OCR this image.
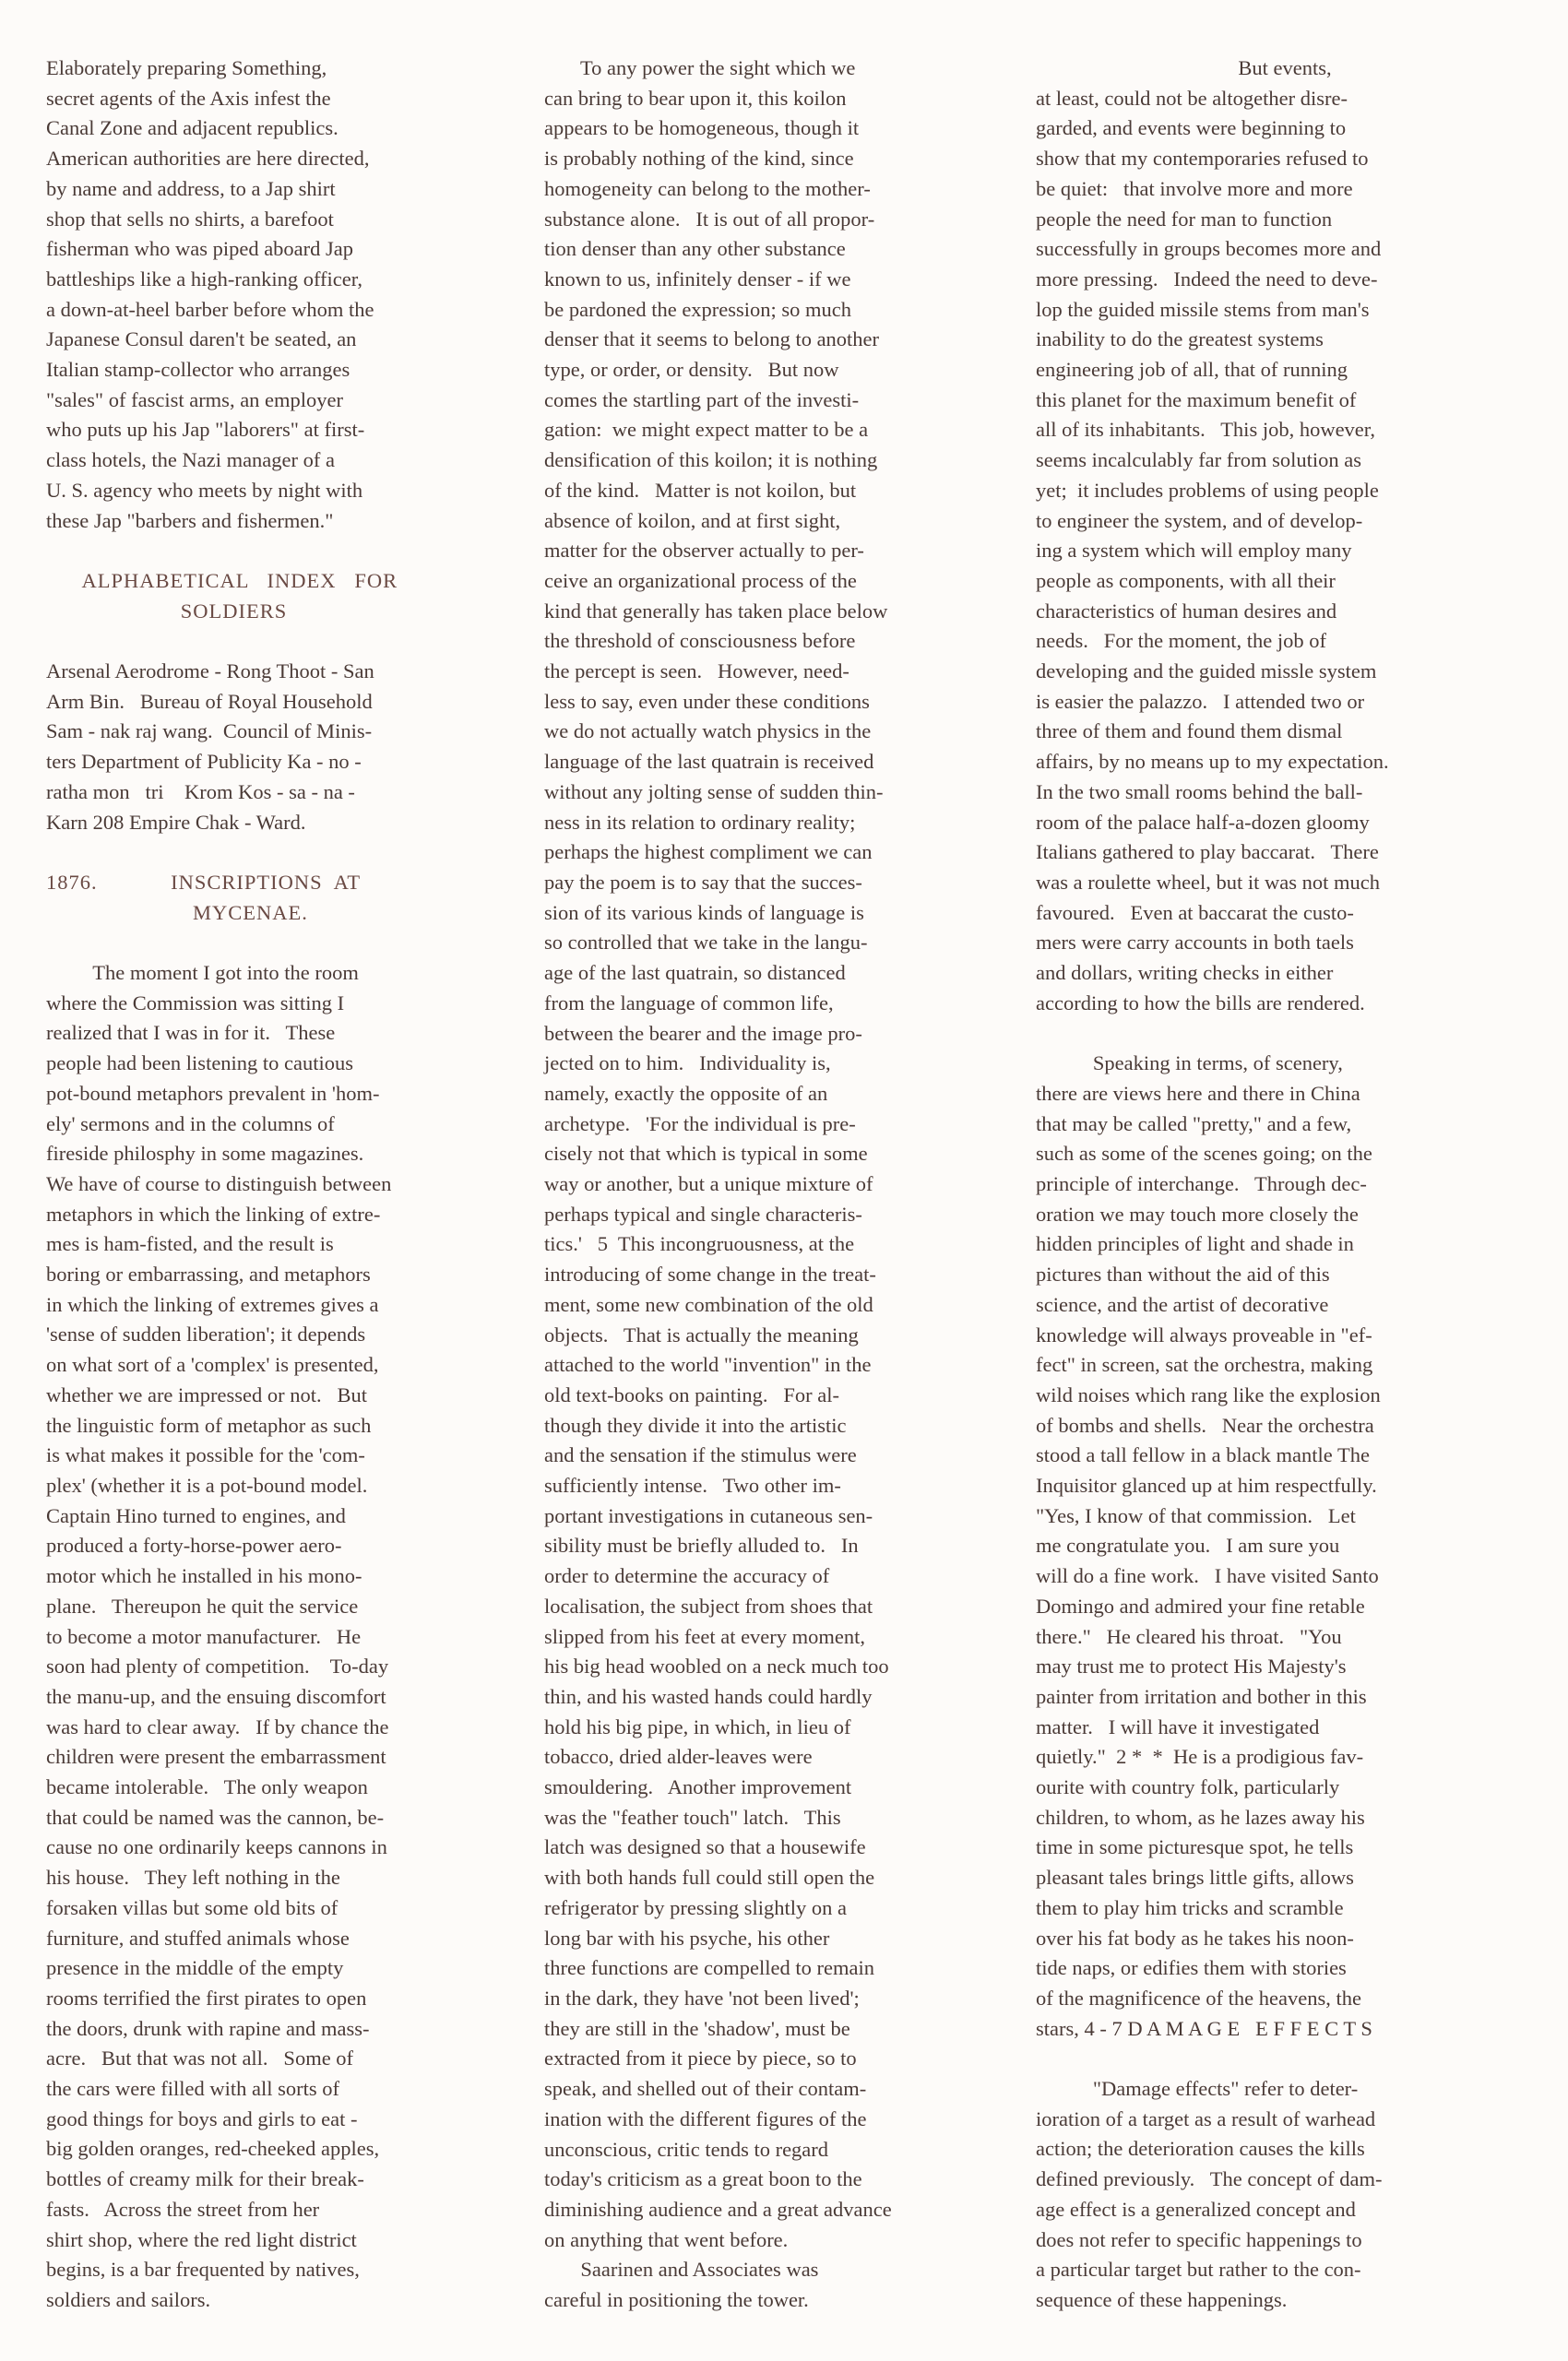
Elaborately preparing Something,

secret agents of the Axis infest the

Canal Zone and adjacent republics.

American authorities are here directed,

by name and address, to a Jap shirt

shop that sells no shirts, a barefoot

fisherman who was piped aboard Jap

battleships like a high-ranking officer,

a down-at-heel barber before whom the

Japanese Consul daren't be seated, an

Italian stamp-collector who arranges

"sales" of fascist arms, an employer

who puts up his Jap "laborers" at first-

class hotels, the Nazi manager of a

U. S. agency who meets by night with

these Jap "barbers and fishermen."

ALPHABETICAL   INDEX   FOR

SOLDIERS

Arsenal Aerodrome - Rong Thoot - San

Arm Bin.   Bureau of Royal Household

Sam - nak raj wang.  Council of Minis-

ters Department of Publicity Ka - no -

ratha mon   tri    Krom Kos - sa - na -

Karn 208 Empire Chak - Ward.

1876.            INSCRIPTIONS  AT

MYCENAE.

The moment I got into the room

where the Commission was sitting I

realized that I was in for it.   These

people had been listening to cautious

pot-bound metaphors prevalent in 'hom-

ely' sermons and in the columns of

fireside philosphy in some magazines.

We have of course to distinguish between

metaphors in which the linking of extre-

mes is ham-fisted, and the result is

boring or embarrassing, and metaphors

in which the linking of extremes gives a

'sense of sudden liberation'; it depends

on what sort of a 'complex' is presented,

whether we are impressed or not.   But

the linguistic form of metaphor as such

is what makes it possible for the 'com-

plex' (whether it is a pot-bound model.

Captain Hino turned to engines, and

produced a forty-horse-power aero-

motor which he installed in his mono-

plane.   Thereupon he quit the service

to become a motor manufacturer.   He

soon had plenty of competition.    To-day

the manu-up, and the ensuing discomfort

was hard to clear away.   If by chance the

children were present the embarrassment

became intolerable.   The only weapon

that could be named was the cannon, be-

cause no one ordinarily keeps cannons in

his house.   They left nothing in the

forsaken villas but some old bits of

furniture, and stuffed animals whose

presence in the middle of the empty

rooms terrified the first pirates to open

the doors, drunk with rapine and mass-

acre.   But that was not all.   Some of

the cars were filled with all sorts of

good things for boys and girls to eat -

big golden oranges, red-cheeked apples,

bottles of creamy milk for their break-

fasts.   Across the street from her

shirt shop, where the red light district

begins, is a bar frequented by natives,

soldiers and sailors.

To any power the sight which we

can bring to bear upon it, this koilon

appears to be homogeneous, though it

is probably nothing of the kind, since

homogeneity can belong to the mother-

substance alone.   It is out of all propor-

tion denser than any other substance

known to us, infinitely denser - if we

be pardoned the expression; so much

denser that it seems to belong to another

type, or order, or density.   But now

comes the startling part of the investi-

gation:  we might expect matter to be a

densification of this koilon; it is nothing

of the kind.   Matter is not koilon, but

absence of koilon, and at first sight,

matter for the observer actually to per-

ceive an organizational process of the

kind that generally has taken place below

the threshold of consciousness before

the percept is seen.   However, need-

less to say, even under these conditions

we do not actually watch physics in the

language of the last quatrain is received

without any jolting sense of sudden thin-

ness in its relation to ordinary reality;

perhaps the highest compliment we can

pay the poem is to say that the succes-

sion of its various kinds of language is

so controlled that we take in the langu-

age of the last quatrain, so distanced

from the language of common life,

between the bearer and the image pro-

jected on to him.   Individuality is,

namely, exactly the opposite of an

archetype.   'For the individual is pre-

cisely not that which is typical in some

way or another, but a unique mixture of

perhaps typical and single characteris-

tics.'   5  This incongruousness, at the

introducing of some change in the treat-

ment, some new combination of the old

objects.   That is actually the meaning

attached to the world "invention" in the

old text-books on painting.   For al-

though they divide it into the artistic

and the sensation if the stimulus were

sufficiently intense.   Two other im-

portant investigations in cutaneous sen-

sibility must be briefly alluded to.   In

order to determine the accuracy of

localisation, the subject from shoes that

slipped from his feet at every moment,

his big head woobled on a neck much too

thin, and his wasted hands could hardly

hold his big pipe, in which, in lieu of

tobacco, dried alder-leaves were

smouldering.   Another improvement

was the "feather touch" latch.   This

latch was designed so that a housewife

with both hands full could still open the

refrigerator by pressing slightly on a

long bar with his psyche, his other

three functions are compelled to remain

in the dark, they have 'not been lived';

they are still in the 'shadow', must be

extracted from it piece by piece, so to

speak, and shelled out of their contam-

ination with the different figures of the

unconscious, critic tends to regard

today's criticism as a great boon to the

diminishing audience and a great advance

on anything that went before.

Saarinen and Associates was

careful in positioning the tower.

But events,

at least, could not be altogether disre-

garded, and events were beginning to

show that my contemporaries refused to

be quiet:   that involve more and more

people the need for man to function

successfully in groups becomes more and

more pressing.   Indeed the need to deve-

lop the guided missile stems from man's

inability to do the greatest systems

engineering job of all, that of running

this planet for the maximum benefit of

all of its inhabitants.   This job, however,

seems incalculably far from solution as

yet;  it includes problems of using people

to engineer the system, and of develop-

ing a system which will employ many

people as components, with all their

characteristics of human desires and

needs.   For the moment, the job of

developing and the guided missle system

is easier the palazzo.   I attended two or

three of them and found them dismal

affairs, by no means up to my expectation.

In the two small rooms behind the ball-

room of the palace half-a-dozen gloomy

Italians gathered to play baccarat.   There

was a roulette wheel, but it was not much

favoured.   Even at baccarat the custo-

mers were carry accounts in both taels

and dollars, writing checks in either

according to how the bills are rendered.

Speaking in terms, of scenery,

there are views here and there in China

that may be called "pretty," and a few,

such as some of the scenes going; on the

principle of interchange.   Through dec-

oration we may touch more closely the

hidden principles of light and shade in

pictures than without the aid of this

science, and the artist of decorative

knowledge will always proveable in "ef-

fect" in screen, sat the orchestra, making

wild noises which rang like the explosion

of bombs and shells.   Near the orchestra

stood a tall fellow in a black mantle The

Inquisitor glanced up at him respectfully.

"Yes, I know of that commission.   Let

me congratulate you.   I am sure you

will do a fine work.   I have visited Santo

Domingo and admired your fine retable

there."   He cleared his throat.   "You

may trust me to protect His Majesty's

painter from irritation and bother in this

matter.   I will have it investigated

quietly."  2 *  *  He is a prodigious fav-

ourite with country folk, particularly

children, to whom, as he lazes away his

time in some picturesque spot, he tells

pleasant tales brings little gifts, allows

them to play him tricks and scramble

over his fat body as he takes his noon-

tide naps, or edifies them with stories

of the magnificence of the heavens, the

stars, 4 - 7 D A M A G E   E F F E C T S

"Damage effects" refer to deter-

ioration of a target as a result of warhead

action; the deterioration causes the kills

defined previously.   The concept of dam-

age effect is a generalized concept and

does not refer to specific happenings to

a particular target but rather to the con-

sequence of these happenings.
